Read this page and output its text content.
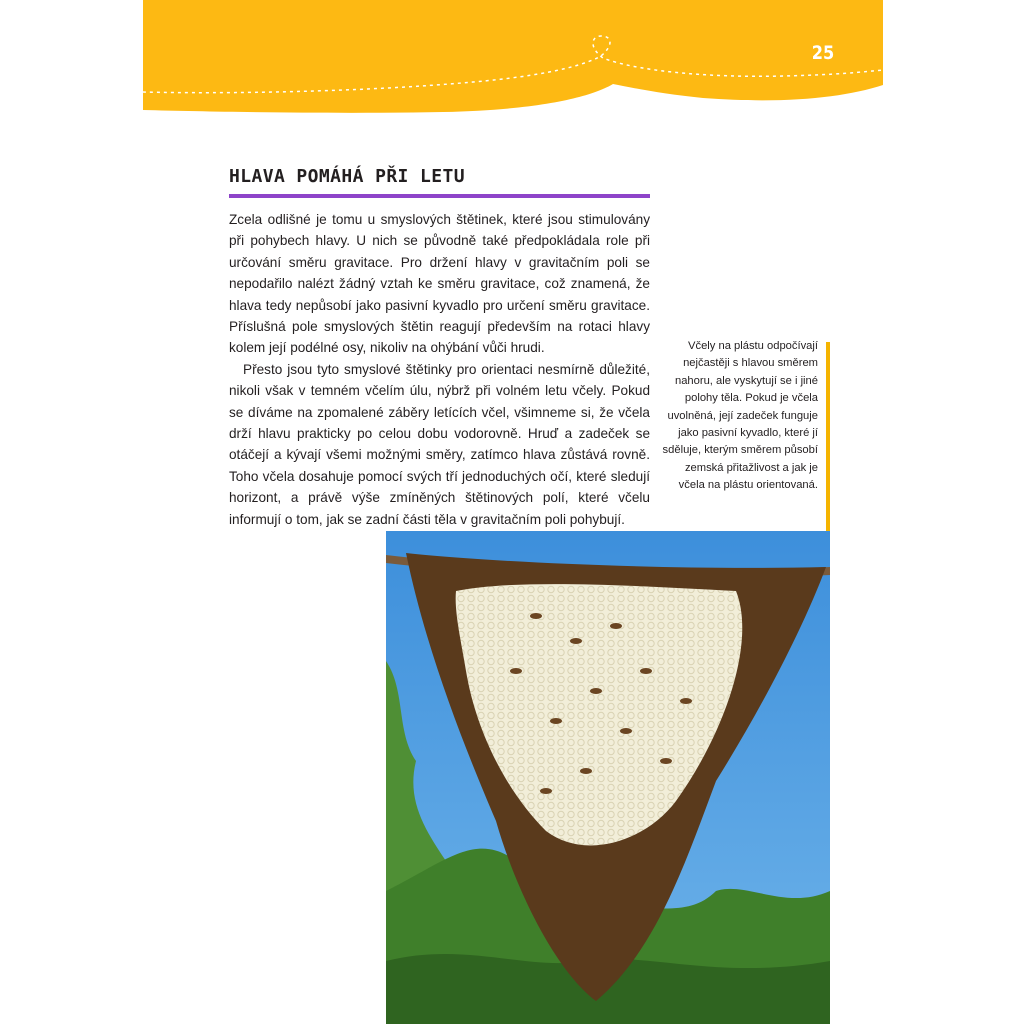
25
HLAVA POMÁHÁ PŘI LETU

Zcela odlišné je tomu u smyslových štětinek, které jsou stimulovány při pohybech hlavy. U nich se původně také předpokládala role při určování směru gravitace. Pro držení hlavy v gravitačním poli se nepodařilo nalézt žádný vztah ke směru gravitace, což znamená, že hlava tedy nepůsobí jako pasivní kyvadlo pro určení směru gravitace. Příslušná pole smyslových štětin reagují především na rotaci hlavy kolem její podélné osy, nikoliv na ohýbání vůči hrudi.

Přesto jsou tyto smyslové štětinky pro orientaci nesmírně důležité, nikoli však v temném včelím úlu, nýbrž při volném letu včely. Pokud se díváme na zpomalené záběry letících včel, všimneme si, že včela drží hlavu prakticky po celou dobu vodorovně. Hruď a zadeček se otáčejí a kývají všemi možnými směry, zatímco hlava zůstává rovně. Toho včela dosahuje pomocí svých tří jednoduchých očí, které sledují horizont, a právě výše zmíněných štětinových polí, které včelu informují o tom, jak se zadní části těla v gravitačním poli pohybují.

Včely na plástu odpočívají nejčastěji s hlavou směrem nahoru, ale vyskytují se i jiné polohy těla. Pokud je včela uvolněná, její zadeček funguje jako pasivní kyvadlo, které jí sděluje, kterým směrem působí zemská přitažlivost a jak je včela na plástu orientovaná.
